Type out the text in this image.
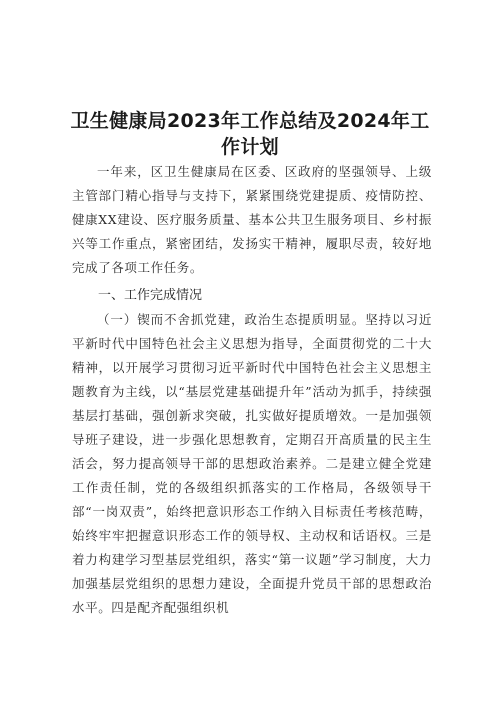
卫生健康局2023年工作总结及2024年工
作计划

一年来，区卫生健康局在区委、区政府的坚强领导、上级主管部门精心指导与支持下，紧紧围绕党建提质、疫情防控、健康XX建设、医疗服务质量、基本公共卫生服务项目、乡村振兴等工作重点，紧密团结，发扬实干精神，履职尽责，较好地完成了各项工作任务。

一、工作完成情况

（一）锲而不舍抓党建，政治生态提质明显。坚持以习近平新时代中国特色社会主义思想为指导，全面贯彻党的二十大精神，以开展学习贯彻习近平新时代中国特色社会主义思想主题教育为主线，以“基层党建基础提升年”活动为抓手，持续强基层打基础，强创新求突破，扎实做好提质增效。一是加强领导班子建设，进一步强化思想教育，定期召开高质量的民主生活会，努力提高领导干部的思想政治素养。二是建立健全党建工作责任制，党的各级组织抓落实的工作格局，各级领导干部“一岗双责”，始终把意识形态工作纳入目标责任考核范畴，始终牢牢把握意识形态工作的领导权、主动权和话语权。三是着力构建学习型基层党组织，落实“第一议题”学习制度，大力加强基层党组织的思想力建设，全面提升党员干部的思想政治水平。四是配齐配强组织机
